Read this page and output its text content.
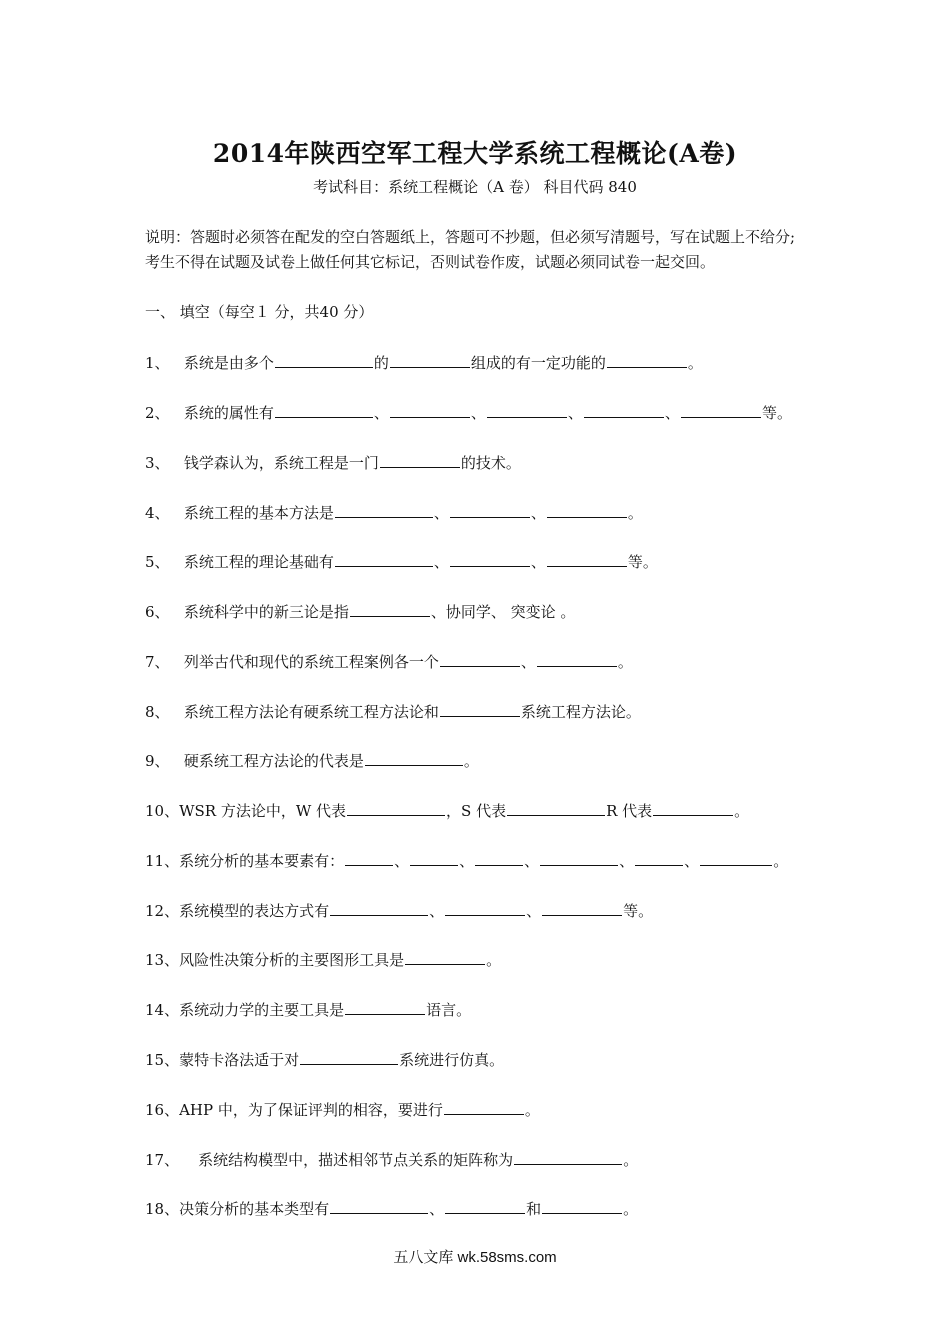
2014年陕西空军工程大学系统工程概论(A卷)
考试科目：系统工程概论（A 卷） 科目代码 840
说明：答题时必须答在配发的空白答题纸上，答题可不抄题，但必须写清题号，写在试题上不给分; 考生不得在试题及试卷上做任何其它标记，否则试卷作废，试题必须同试卷一起交回。
一、 填空（每空１ 分，共40 分）
1、 系统是由多个	的	组成的有一定功能的	。
2、 系统的属性有	、	、	、	、	等。
3、 钱学森认为，系统工程是一门	的技术。
4、 系统工程的基本方法是	、	、	。
5、 系统工程的理论基础有	、	、	等。
6、 系统科学中的新三论是指	、协同学、 突变论 。
7、 列举古代和现代的系统工程案例各一个	、	。
8、 系统工程方法论有硬系统工程方法论和	系统工程方法论。
9、 硬系统工程方法论的代表是	。
10、WSR 方法论中，W 代表	，S 代表	R 代表	。
11、系统分析的基本要素有：	、	、	、	、	、	。
12、系统模型的表达方式有	、	、	等。
13、风险性决策分析的主要图形工具是	。
14、系统动力学的主要工具是	语言。
15、蒙特卡洛法适于对	系统进行仿真。
16、AHP 中，为了保证评判的相容，要进行	。
17、    系统结构模型中，描述相邻节点关系的矩阵称为	。
18、决策分析的基本类型有	、	和	。
五八文库 wk.58sms.com
